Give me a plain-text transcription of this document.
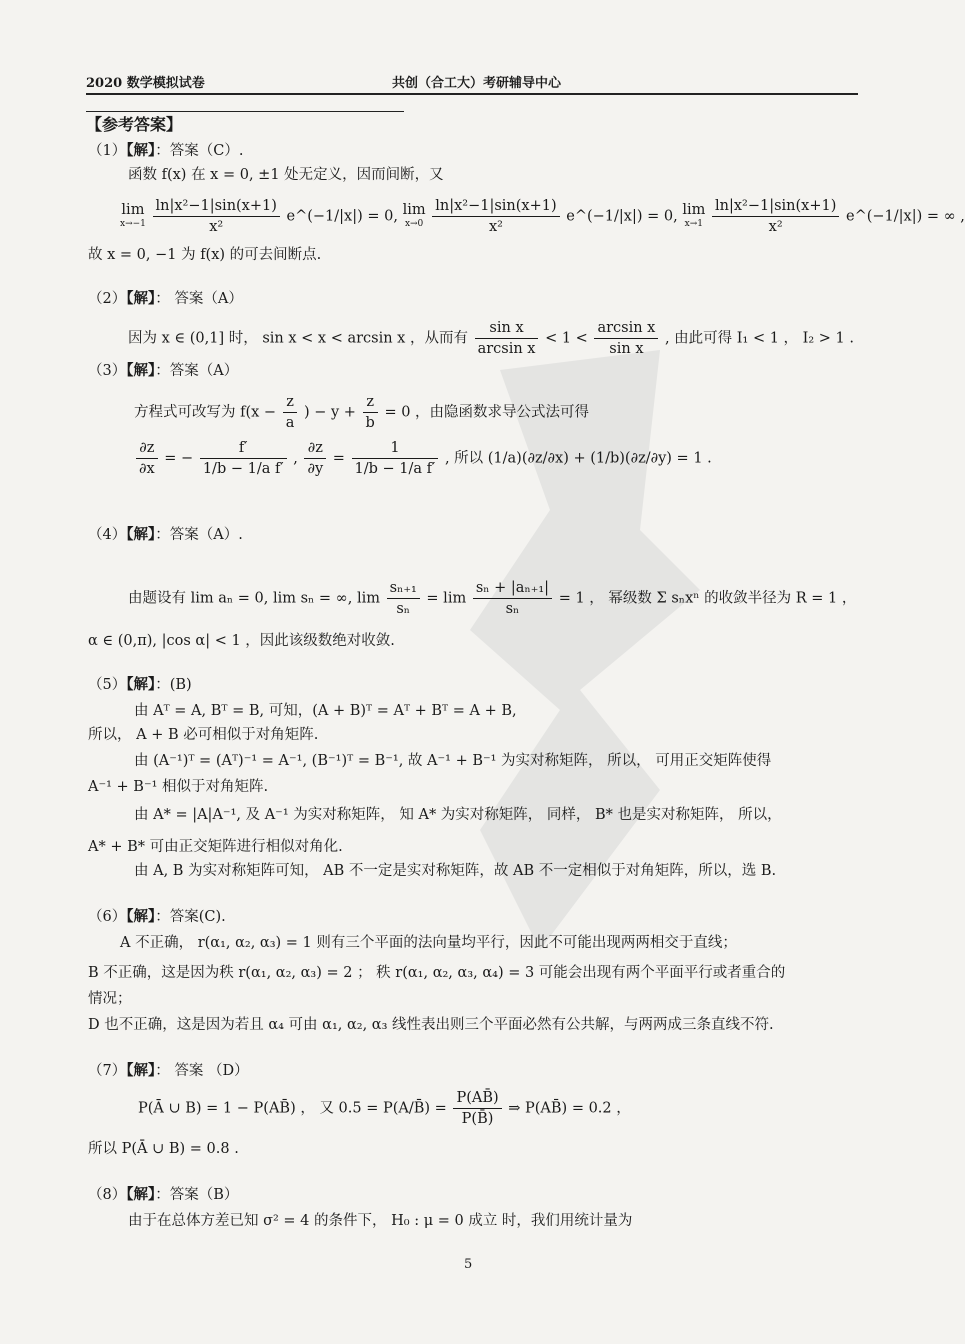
2020 数学模拟试卷	共创（合工大）考研辅导中心
【参考答案】
（1）【解】：答案（C）.
函数 f(x) 在 x = 0, ±1 处无定义，因而间断，又
lim
x→−1
$\frac{\text{ln|x²−1|sin(x+1)}}{\text{x²}}$ e^(−1/|x|) = 0, lim
x→0
$\frac{\text{ln|x²−1|sin(x+1)}}{\text{x²}}$ e^(−1/|x|) = 0, lim
x→1
$\frac{\text{ln|x²−1|sin(x+1)}}{\text{x²}}$ e^(−1/|x|) = ∞ ,
故 x = 0, −1 为 f(x) 的可去间断点.
（2）【解】： 答案（A）
因为 x ∈ (0,1] 时， sin x < x < arcsin x ，从而有 $\frac{\text{sin x}}{\text{arcsin x}} < 1 < \frac{\text{arcsin x}}{\text{sin x}}$ , 由此可得 I₁ < 1 ， I₂ > 1 .
（3）【解】：答案（A）
方程式可改写为 $f(x - \frac{z}{a}$ ) − $y + \frac{z}{b} = 0$ ，由隐函数求导公式法可得
$\frac{\partial z}{\partial x}$ = − $\frac{f'}{\text{1/b − 1/a f′}}$ , $\frac{\partial z}{\partial y} = \frac{1}{\text{1/b − 1/a f′}}$ , 所以 (1/a)(∂z/∂x) + (1/b)(∂z/∂y) = 1 .
（4）【解】：答案（A）.
由题设有 lim aₙ = 0, lim sₙ = ∞, $\lim \frac{\text{sₙ₊₁}}{\text{sₙ}} = \lim \frac{\text{sₙ + |aₙ₊₁|}}{\text{sₙ}} = 1$ ， 幂级数 Σ sₙxⁿ 的收敛半径为 R = 1 ，
α ∈ (0,π), |cos α| < 1 ，因此该级数绝对收敛.
（5）【解】：(B)
由 Aᵀ = A, Bᵀ = B, 可知，(A + B)ᵀ = Aᵀ + Bᵀ = A + B,
所以， A + B 必可相似于对角矩阵.
由 (A⁻¹)ᵀ = (Aᵀ)⁻¹ = A⁻¹, (B⁻¹)ᵀ = B⁻¹, 故 A⁻¹ + B⁻¹ 为实对称矩阵， 所以， 可用正交矩阵使得
A⁻¹ + B⁻¹ 相似于对角矩阵.
由 A* = |A|A⁻¹, 及 A⁻¹ 为实对称矩阵， 知 A* 为实对称矩阵， 同样， B* 也是实对称矩阵， 所以，
A* + B* 可由正交矩阵进行相似对角化.
由 A, B 为实对称矩阵可知， AB 不一定是实对称矩阵，故 AB 不一定相似于对角矩阵，所以，选 B.
（6）【解】：答案(C).
A 不正确， r(α₁, α₂, α₃) = 1 则有三个平面的法向量均平行，因此不可能出现两两相交于直线；
B 不正确，这是因为秩 r(α₁, α₂, α₃) = 2 ； 秩 r(α₁, α₂, α₃, α₄) = 3 可能会出现有两个平面平行或者重合的
情况；
D 也不正确，这是因为若且 α₄ 可由 α₁, α₂, α₃ 线性表出则三个平面必然有公共解，与两两成三条直线不符.
（7）【解】： 答案 （D）
P(Ā ∪ B) = 1 − P(AB̄) ， 又 0.5 = P(A/B̄) = $\frac{P(AB̄)}{P(B̄)}$ ⇒ P(AB̄) = 0.2 ，
所以 P(Ā ∪ B) = 0.8 .
（8）【解】：答案（B）
由于在总体方差已知 σ² = 4 的条件下， H₀ : μ = 0 成立 时，我们用统计量为
5
